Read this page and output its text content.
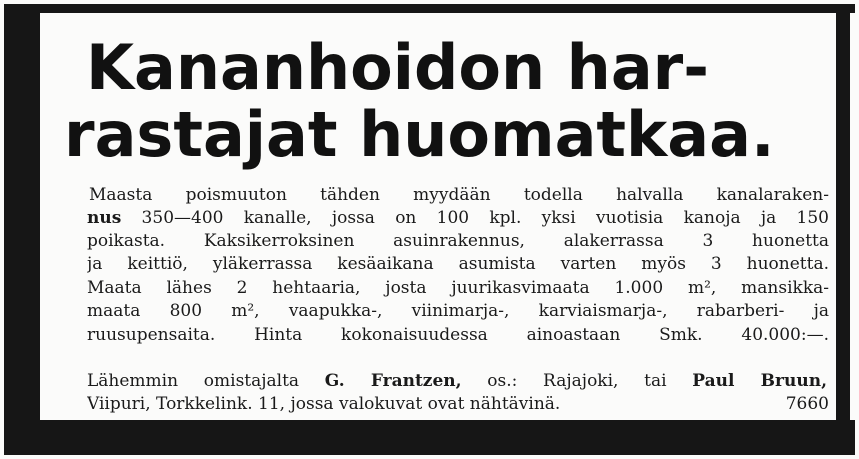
Kananhoidon har-
rastajat huomatkaa.

Maasta poismuuton tähden myydään todella halvalla kanalaraken-

nus 350—400 kanalle, jossa on 100 kpl. yksi vuotisia kanoja ja 150

poikasta. Kaksikerroksinen asuinrakennus, alakerrassa 3 huonetta

ja keittiö, yläkerrassa kesäaikana asumista varten myös 3 huonetta.

Maata lähes 2 hehtaaria, josta juurikasvimaata 1.000 m², mansikka-

maata 800 m², vaapukka-, viinimarja-, karviaismarja-, rabarberi- ja

ruusupensaita. Hinta kokonaisuudessa ainoastaan Smk. 40.000:—.

Lähemmin omistajalta G. Frantzen, os.: Rajajoki, tai Paul Bruun,

Viipuri, Torkkelink. 11, jossa valokuvat ovat nähtävinä.	7660
